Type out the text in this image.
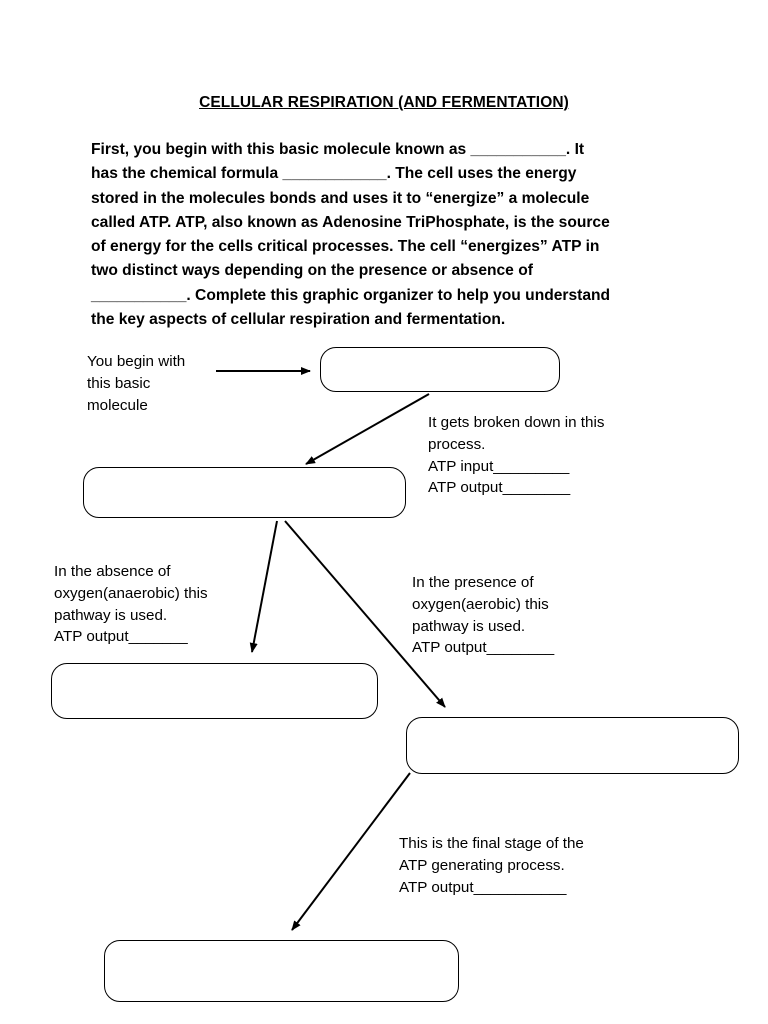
CELLULAR RESPIRATION (AND FERMENTATION)
First, you begin with this basic molecule known as ___________. It
has the chemical formula ____________. The cell uses the energy
stored in the molecules bonds and uses it to “energize” a molecule
called ATP. ATP, also known as Adenosine TriPhosphate, is the source
of energy for the cells critical processes. The cell “energizes” ATP in
two distinct ways depending on the presence or absence of
___________. Complete this graphic organizer to help you understand
the key aspects of cellular respiration and fermentation.
You begin with
this basic
molecule
It gets broken down in this
process.
ATP input_________
ATP output________
In the absence of
oxygen(anaerobic) this
pathway is used.
ATP output_______
In the presence of
oxygen(aerobic) this
pathway is used.
ATP output________
This is the final stage of the
ATP generating process.
ATP output___________
